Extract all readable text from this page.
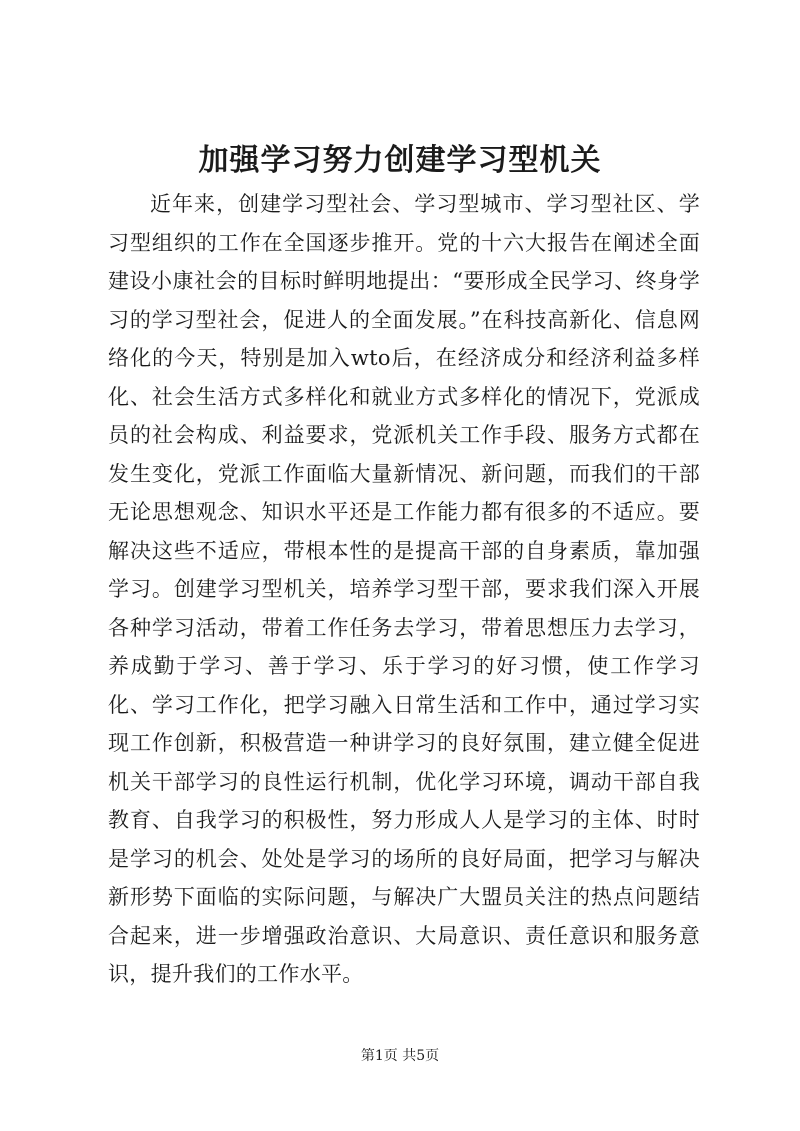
加强学习努力创建学习型机关

近年来，创建学习型社会、学习型城市、学习型社区、学习型组织的工作在全国逐步推开。党的十六大报告在阐述全面建设小康社会的目标时鲜明地提出：“要形成全民学习、终身学习的学习型社会，促进人的全面发展。”在科技高新化、信息网络化的今天，特别是加入wto后，在经济成分和经济利益多样化、社会生活方式多样化和就业方式多样化的情况下，党派成员的社会构成、利益要求，党派机关工作手段、服务方式都在发生变化，党派工作面临大量新情况、新问题，而我们的干部无论思想观念、知识水平还是工作能力都有很多的不适应。要解决这些不适应，带根本性的是提高干部的自身素质，靠加强学习。创建学习型机关，培养学习型干部，要求我们深入开展各种学习活动，带着工作任务去学习，带着思想压力去学习，养成勤于学习、善于学习、乐于学习的好习惯，使工作学习化、学习工作化，把学习融入日常生活和工作中，通过学习实现工作创新，积极营造一种讲学习的良好氛围，建立健全促进机关干部学习的良性运行机制，优化学习环境，调动干部自我教育、自我学习的积极性，努力形成人人是学习的主体、时时是学习的机会、处处是学习的场所的良好局面，把学习与解决新形势下面临的实际问题，与解决广大盟员关注的热点问题结合起来，进一步增强政治意识、大局意识、责任意识和服务意识，提升我们的工作水平。

第1页 共5页
